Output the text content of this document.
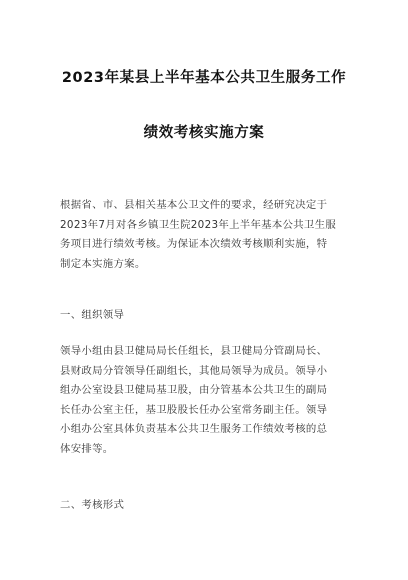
2023年某县上半年基本公共卫生服务工作
绩效考核实施方案
根据省、市、县相关基本公卫文件的要求，经研究决定于
2023年7月对各乡镇卫生院2023年上半年基本公共卫生服
务项目进行绩效考核。为保证本次绩效考核顺利实施，特
制定本实施方案。
一、组织领导
领导小组由县卫健局局长任组长，县卫健局分管副局长、
县财政局分管领导任副组长，其他局领导为成员。领导小
组办公室设县卫健局基卫股，由分管基本公共卫生的副局
长任办公室主任，基卫股股长任办公室常务副主任。领导
小组办公室具体负责基本公共卫生服务工作绩效考核的总
体安排等。
二、考核形式
